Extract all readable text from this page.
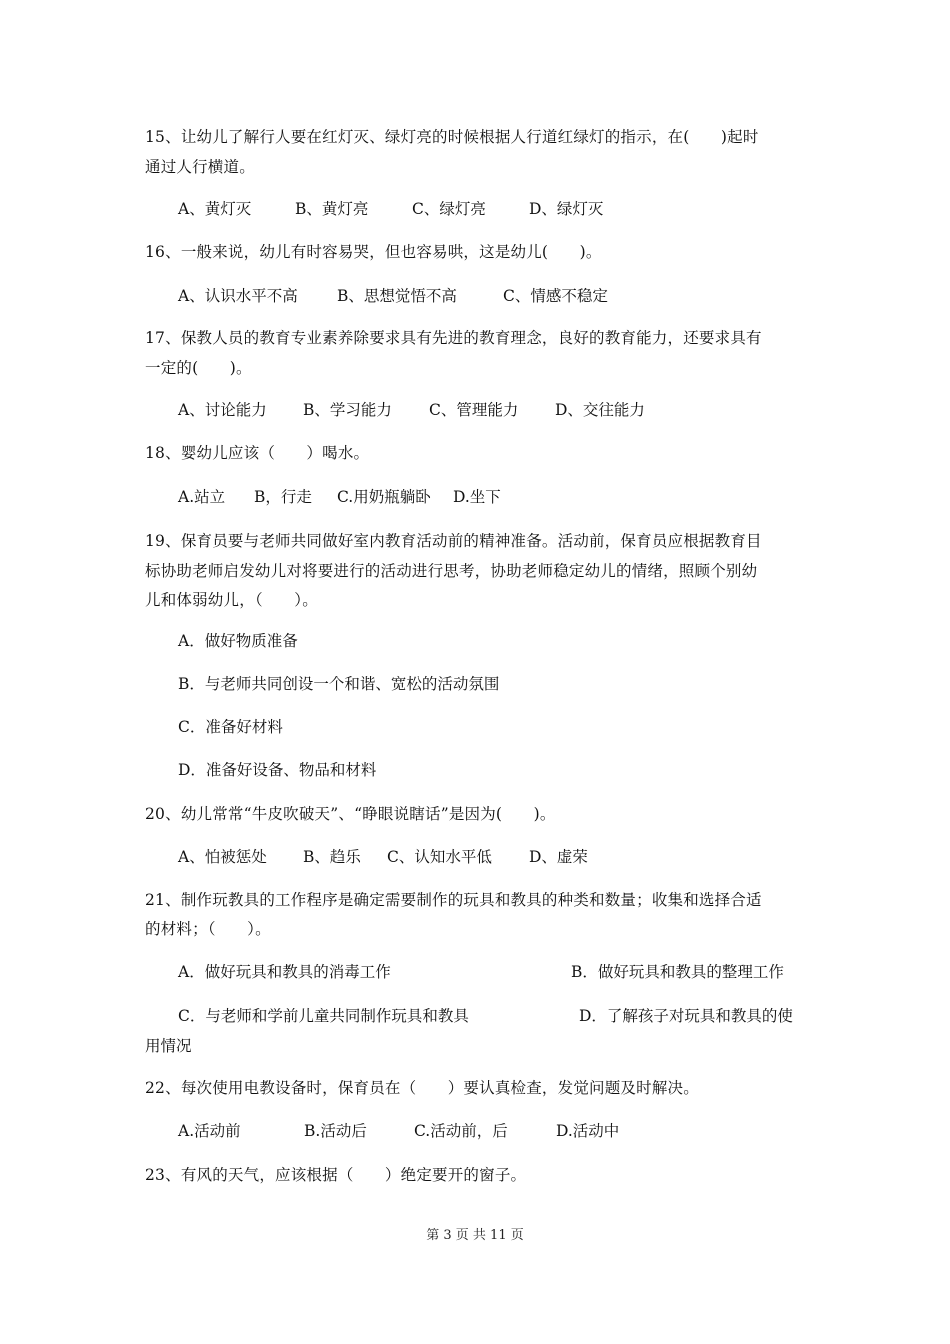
15、让幼儿了解行人要在红灯灭、绿灯亮的时候根据人行道红绿灯的指示，在(　　)起时
通过人行横道。
A、黄灯灭	B、黄灯亮	C、绿灯亮	D、绿灯灭
16、一般来说，幼儿有时容易哭，但也容易哄，这是幼儿(　　)。
A、认识水平不高	B、思想觉悟不高	C、情感不稳定
17、保教人员的教育专业素养除要求具有先进的教育理念，良好的教育能力，还要求具有
一定的(　　)。
A、讨论能力 B、学习能力 C、管理能力 D、交往能力
18、婴幼儿应该（　　）喝水。
A.站立 B，行走 C.用奶瓶躺卧 D.坐下
19、保育员要与老师共同做好室内教育活动前的精神准备。活动前，保育员应根据教育目
标协助老师启发幼儿对将要进行的活动进行思考，协助老师稳定幼儿的情绪，照顾个别幼
儿和体弱幼儿，（　　）。
A．做好物质准备
B．与老师共同创设一个和谐、宽松的活动氛围
C．准备好材料
D．准备好设备、物品和材料
20、幼儿常常“牛皮吹破天”、“睁眼说瞎话”是因为(　　)。
A、怕被惩处 B、趋乐 C、认知水平低 D、虚荣
21、制作玩教具的工作程序是确定需要制作的玩具和教具的种类和数量；收集和选择合适
的材料；（　　）。
A．做好玩具和教具的消毒工作	B．做好玩具和教具的整理工作
C．与老师和学前儿童共同制作玩具和教具	D．了解孩子对玩具和教具的使
用情况
22、每次使用电教设备时，保育员在（　　）要认真检查，发觉问题及时解决。
A.活动前	B.活动后	C.活动前，后	D.活动中
23、有风的天气，应该根据（　　）绝定要开的窗子。
第 3 页 共 11 页
